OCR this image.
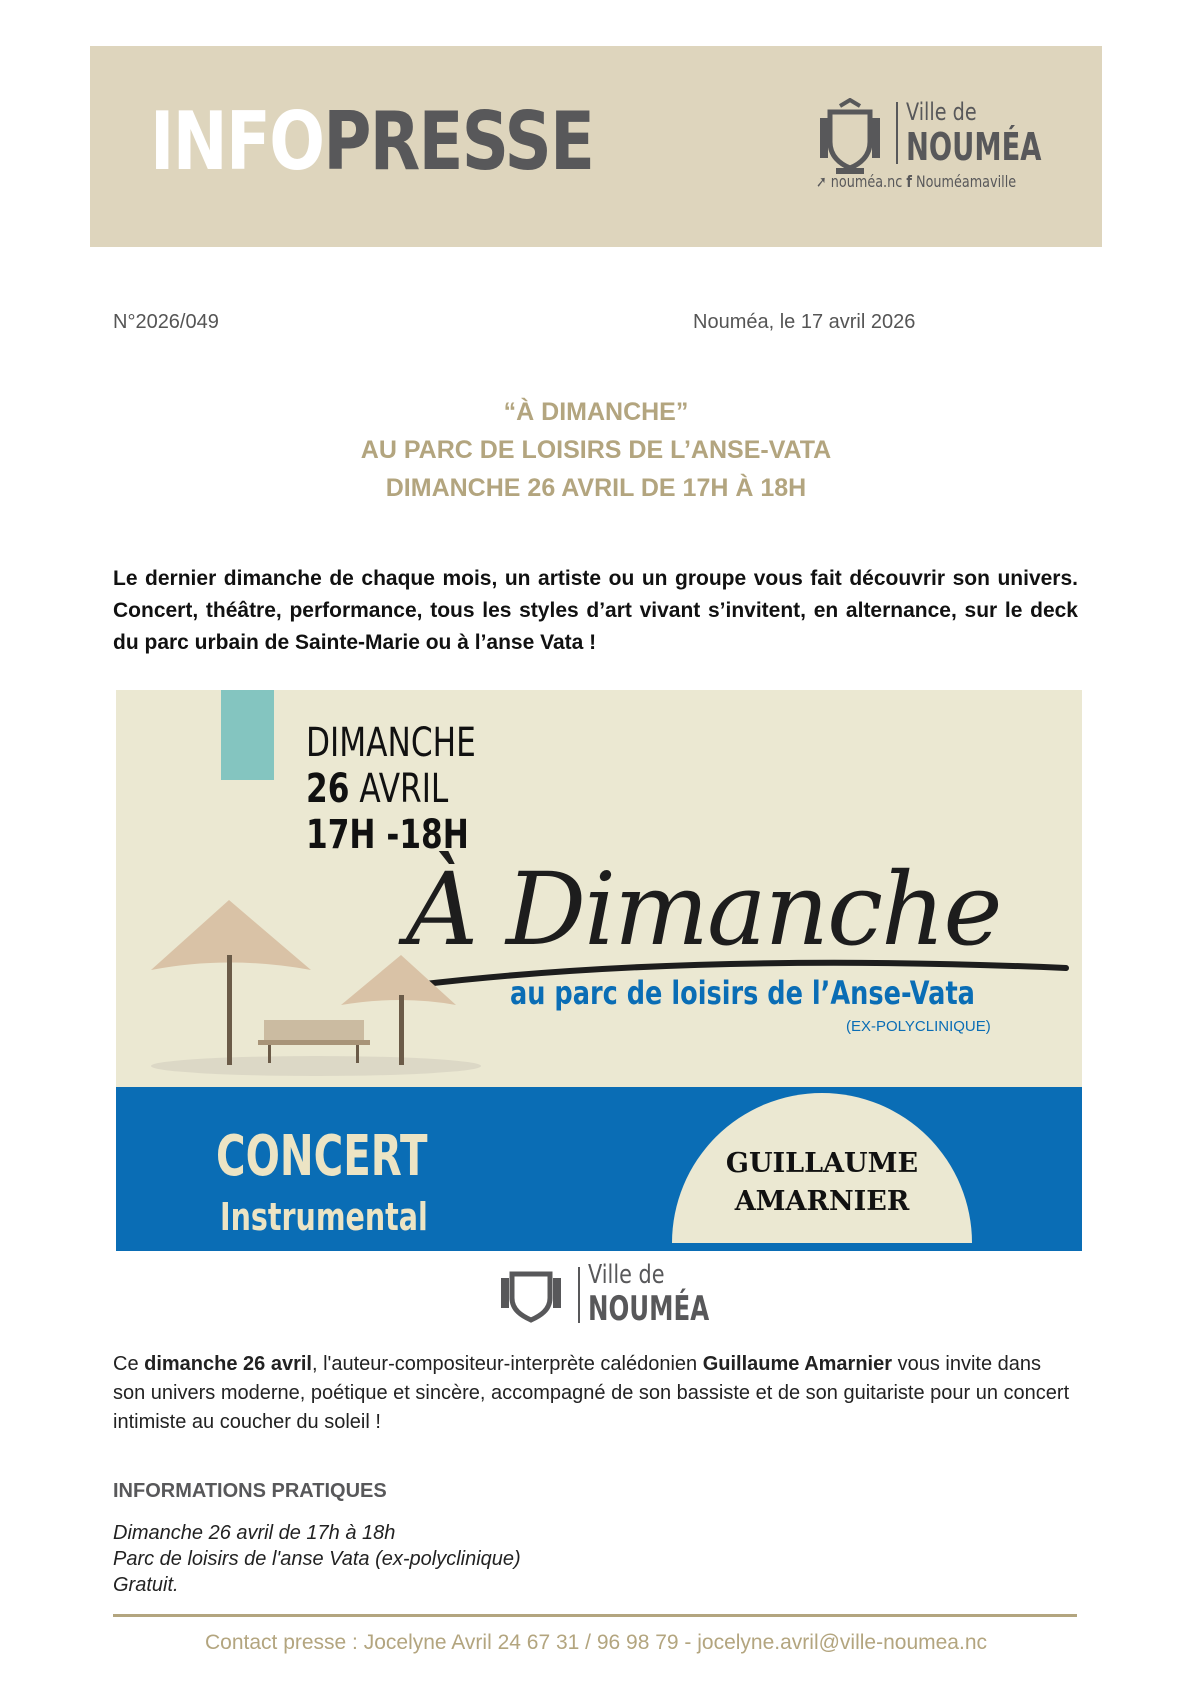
INFOPRESSE	Ville de
NOUMÉA
➚ nouméa.nc f Nouméamaville
N°2026/049	Nouméa, le 17 avril 2026
“À DIMANCHE”
AU PARC DE LOISIRS DE L’ANSE-VATA
DIMANCHE 26 AVRIL DE 17H À 18H
Le dernier dimanche de chaque mois, un artiste ou un groupe vous fait découvrir son univers. Concert, théâtre, performance, tous les styles d’art vivant s’invitent, en alternance, sur le deck du parc urbain de Sainte-Marie ou à l’anse Vata !
DIMANCHE
26 AVRIL
17H -18H
À Dimanche
au parc de loisirs de l’Anse-Vata
(EX-POLYCLINIQUE)
CONCERT
Instrumental
GUILLAUME
AMARNIER
Ville de
NOUMÉA
Ce dimanche 26 avril, l'auteur-compositeur-interprète calédonien Guillaume Amarnier vous invite dans son univers moderne, poétique et sincère, accompagné de son bassiste et de son guitariste pour un concert intimiste au coucher du soleil !
INFORMATIONS PRATIQUES
Dimanche 26 avril de 17h à 18h
Parc de loisirs de l'anse Vata (ex-polyclinique)
Gratuit.
Contact presse : Jocelyne Avril 24 67 31 / 96 98 79 - jocelyne.avril@ville-noumea.nc
